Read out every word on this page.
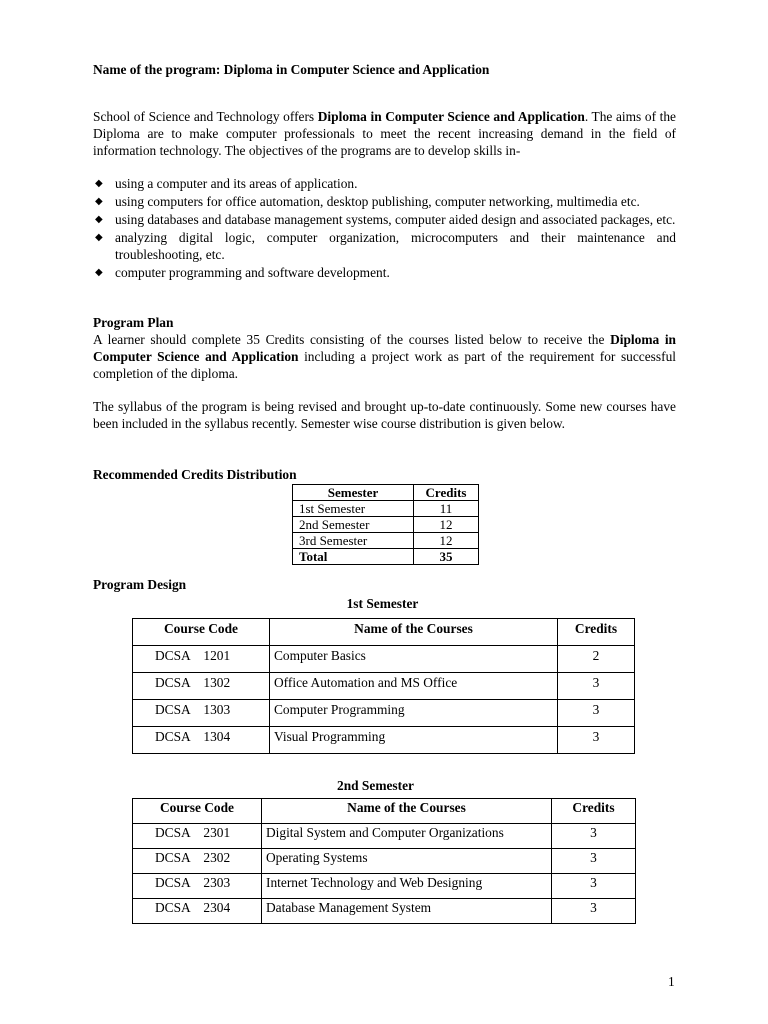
Name of the program: Diploma in Computer Science and Application
School of Science and Technology offers Diploma in Computer Science and Application. The aims of the Diploma are to make computer professionals to meet the recent increasing demand in the field of information technology. The objectives of the programs are to develop skills in-
◆ using a computer and its areas of application.
◆ using computers for office automation, desktop publishing, computer networking, multimedia etc.
◆ using databases and database management systems, computer aided design and associated packages, etc.
◆ analyzing digital logic, computer organization, microcomputers and their maintenance and troubleshooting, etc.
◆ computer programming and software development.
Program Plan
A learner should complete 35 Credits consisting of the courses listed below to receive the Diploma in Computer Science and Application including a project work as part of the requirement for successful completion of the diploma.
The syllabus of the program is being revised and brought up-to-date continuously. Some new courses have been included in the syllabus recently. Semester wise course distribution is given below.
Recommended Credits Distribution
Semester	Credits
1st Semester	11
2nd Semester	12
3rd Semester	12
Total	35
Program Design
1st Semester
Course Code	Name of the Courses	Credits
DCSA    1201	Computer Basics	2
DCSA    1302	Office Automation and MS Office	3
DCSA    1303	Computer Programming	3
DCSA    1304	Visual Programming	3
2nd Semester
Course Code	Name of the Courses	Credits
DCSA    2301	Digital System and Computer Organizations	3
DCSA    2302	Operating Systems	3
DCSA    2303	Internet Technology and Web Designing	3
DCSA    2304	Database Management System	3
1
